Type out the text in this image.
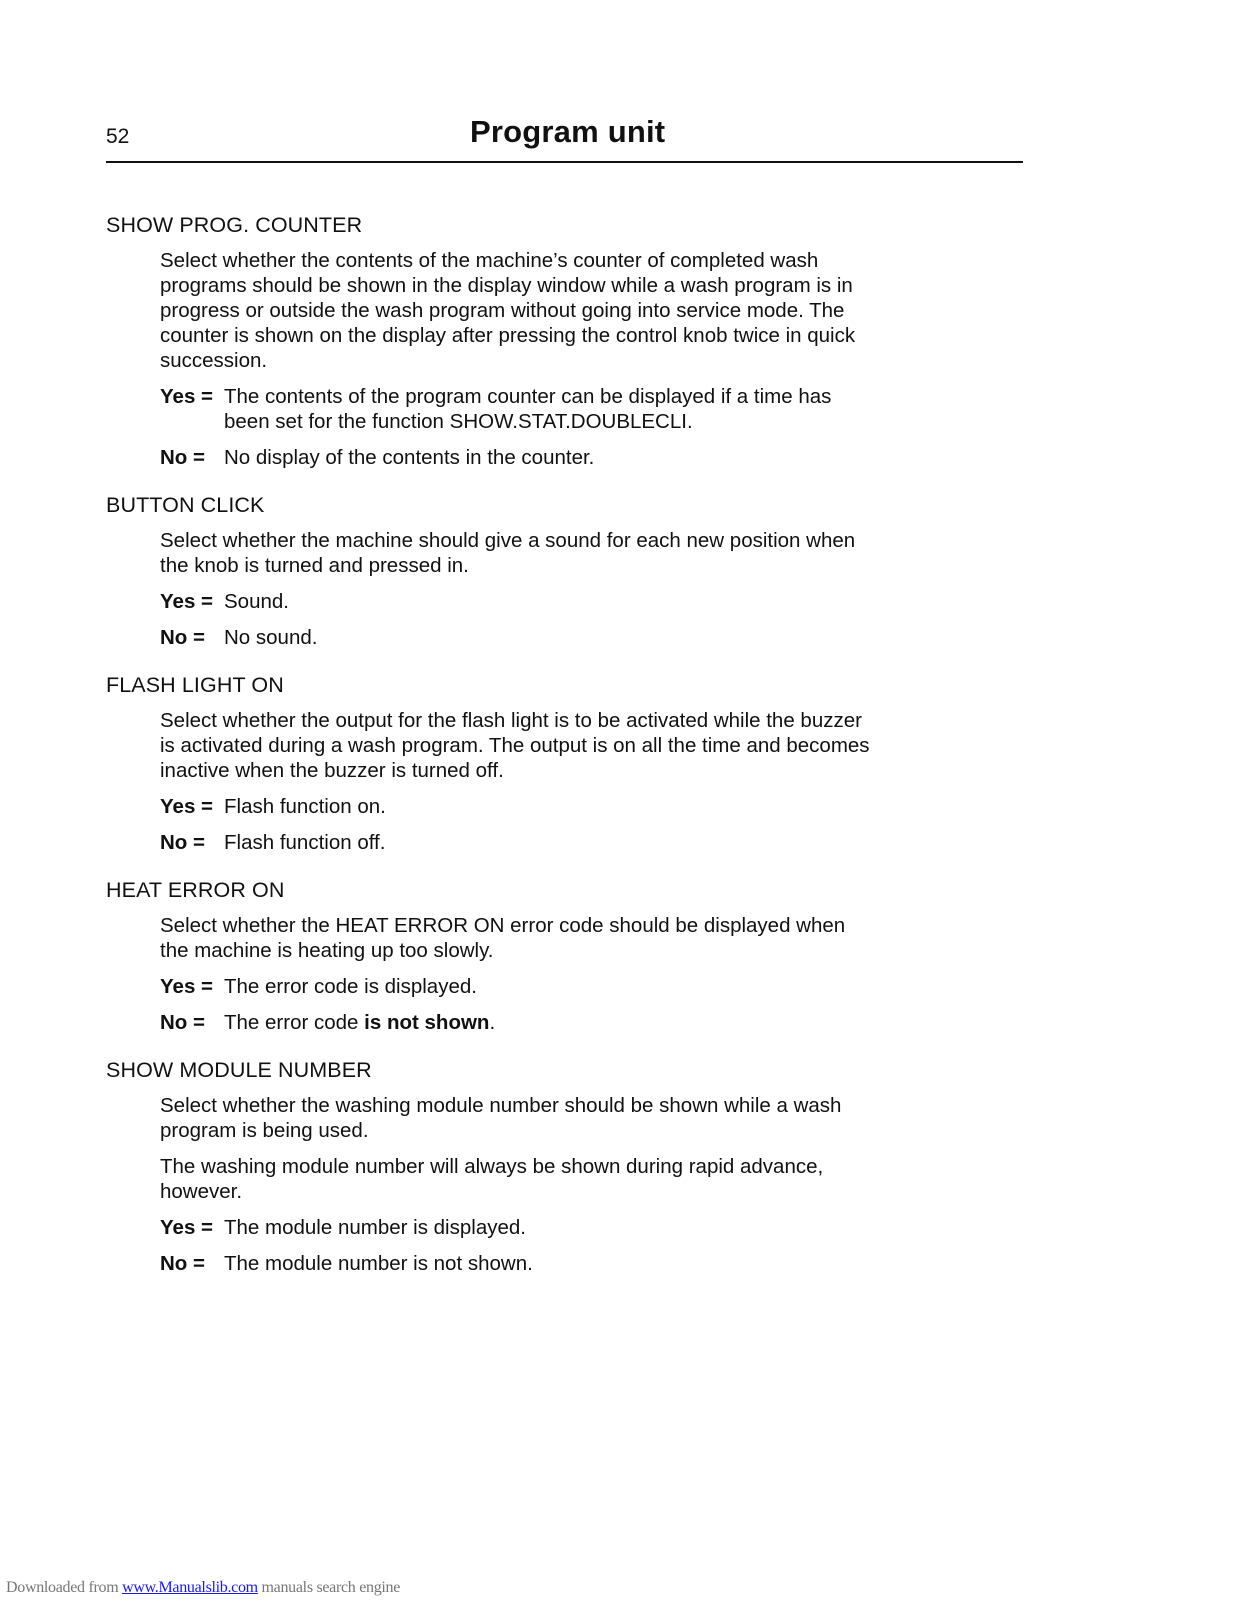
52	Program unit
SHOW PROG. COUNTER

Select whether the contents of the machine’s counter of completed wash programs should be shown in the display window while a wash program is in progress or outside the wash program without going into service mode. The counter is shown on the display after pressing the control knob twice in quick succession.

Yes = The contents of the program counter can be displayed if a time has been set for the function SHOW.STAT.DOUBLECLI.
No = No display of the contents in the counter.
BUTTON CLICK

Select whether the machine should give a sound for each new position when the knob is turned and pressed in.

Yes = Sound.
No = No sound.
FLASH LIGHT ON

Select whether the output for the flash light is to be activated while the buzzer is activated during a wash program. The output is on all the time and becomes inactive when the buzzer is turned off.

Yes = Flash function on.
No = Flash function off.
HEAT ERROR ON

Select whether the HEAT ERROR ON error code should be displayed when the machine is heating up too slowly.

Yes = The error code is displayed.
No = The error code is not shown.
SHOW MODULE NUMBER

Select whether the washing module number should be shown while a wash program is being used.

The washing module number will always be shown during rapid advance, however.

Yes = The module number is displayed.
No = The module number is not shown.
Downloaded from www.Manualslib.com manuals search engine
